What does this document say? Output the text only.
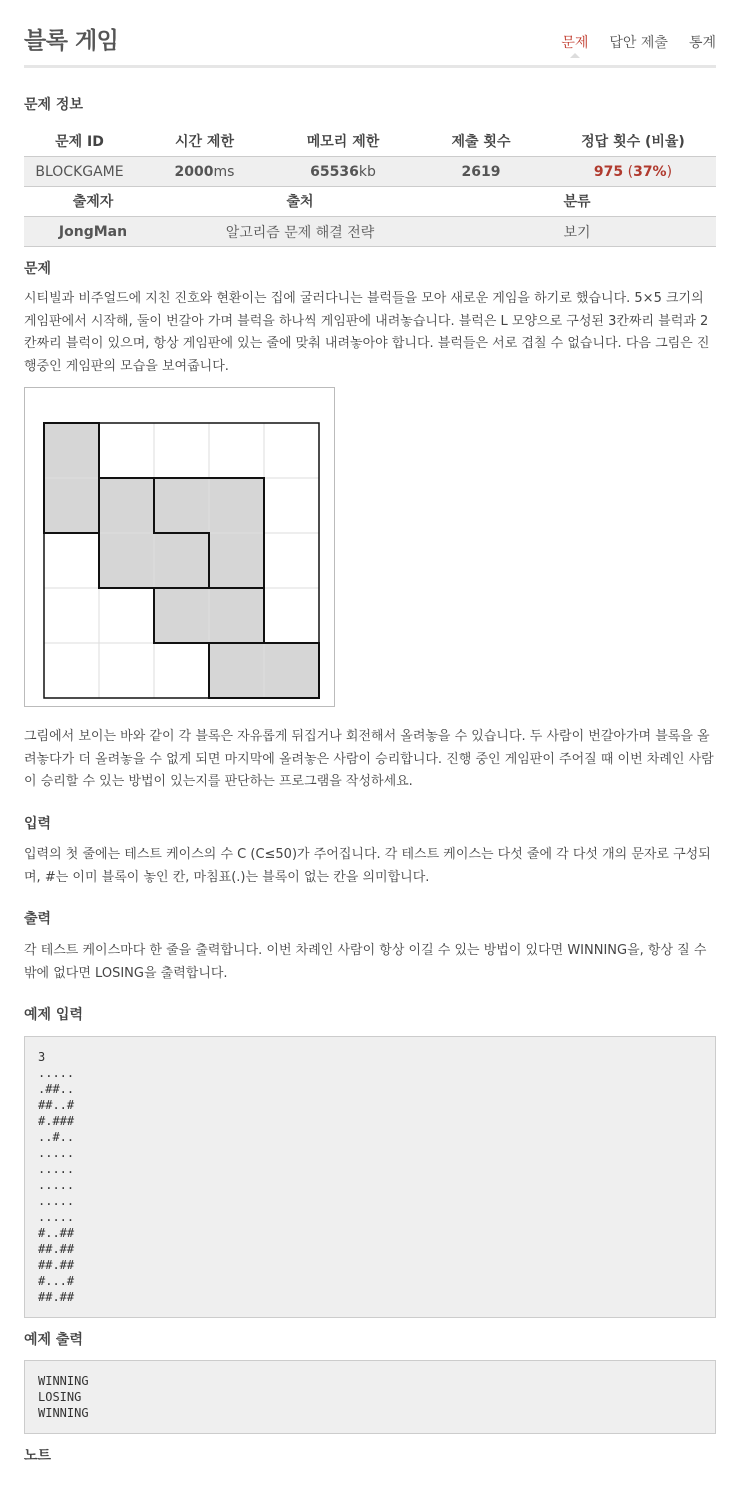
블록 게임	문제 답안 제출 통계
문제 정보
문제 ID	시간 제한	메모리 제한	제출 횟수	정답 횟수 (비율)
BLOCKGAME	2000ms	65536kb	2619	975 (37%)
출제자	출처	분류
JongMan	알고리즘 문제 해결 전략	보기
문제

시티빌과 비주얼드에 지친 진호와 현환이는 집에 굴러다니는 블럭들을 모아 새로운 게임을 하기로 했습니다. 5×5 크기의 게임판에서 시작해, 둘이 번갈아 가며 블럭을 하나씩 게임판에 내려놓습니다. 블럭은 L 모양으로 구성된 3칸짜리 블럭과 2칸짜리 블럭이 있으며, 항상 게임판에 있는 줄에 맞춰 내려놓아야 합니다. 블럭들은 서로 겹칠 수 없습니다. 다음 그림은 진행중인 게임판의 모습을 보여줍니다.

그림에서 보이는 바와 같이 각 블록은 자유롭게 뒤집거나 회전해서 올려놓을 수 있습니다. 두 사람이 번갈아가며 블록을 올려놓다가 더 올려놓을 수 없게 되면 마지막에 올려놓은 사람이 승리합니다. 진행 중인 게임판이 주어질 때 이번 차례인 사람이 승리할 수 있는 방법이 있는지를 판단하는 프로그램을 작성하세요.

입력

입력의 첫 줄에는 테스트 케이스의 수 C (C≤50)가 주어집니다. 각 테스트 케이스는 다섯 줄에 각 다섯 개의 문자로 구성되며, #는 이미 블록이 놓인 칸, 마침표(.)는 블록이 없는 칸을 의미합니다.

출력

각 테스트 케이스마다 한 줄을 출력합니다. 이번 차례인 사람이 항상 이길 수 있는 방법이 있다면 WINNING을, 항상 질 수밖에 없다면 LOSING을 출력합니다.

예제 입력
3
.....
.##..
##..#
#.###
..#..
.....
.....
.....
.....
.....
#..##
##.##
##.##
#...#
##.##
예제 출력
WINNING
LOSING
WINNING
노트
